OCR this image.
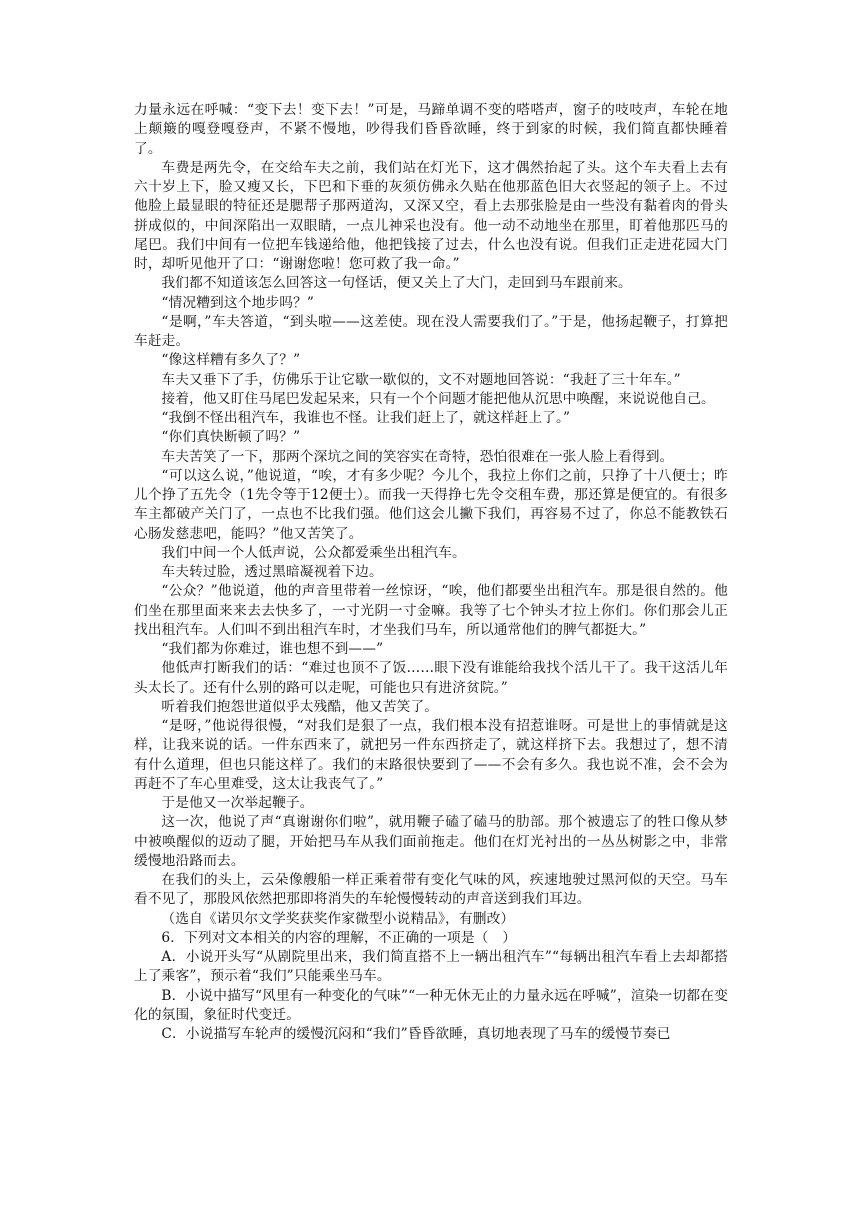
力量永远在呼喊：“变下去！变下去！”可是，马蹄单调不变的嗒嗒声，窗子的吱吱声，车轮在地上颠簸的嘎登嘎登声，不紧不慢地，吵得我们昏昏欲睡，终于到家的时候，我们简直都快睡着了。

车费是两先令，在交给车夫之前，我们站在灯光下，这才偶然抬起了头。这个车夫看上去有六十岁上下，脸又瘦又长，下巴和下垂的灰须仿佛永久贴在他那蓝色旧大衣竖起的领子上。不过他脸上最显眼的特征还是腮帮子那两道沟，又深又空，看上去那张脸是由一些没有黏着肉的骨头拼成似的，中间深陷出一双眼睛，一点儿神采也没有。他一动不动地坐在那里，盯着他那匹马的尾巴。我们中间有一位把车钱递给他，他把钱接了过去，什么也没有说。但我们正走进花园大门时，却听见他开了口：“谢谢您啦！您可救了我一命。”

我们都不知道该怎么回答这一句怪话，便又关上了大门，走回到马车跟前来。

“情况糟到这个地步吗？”

“是啊，”车夫答道，“到头啦——这差使。现在没人需要我们了。”于是，他扬起鞭子，打算把车赶走。

“像这样糟有多久了？”

车夫又垂下了手，仿佛乐于让它歇一歇似的，文不对题地回答说：“我赶了三十年车。”

接着，他又盯住马尾巴发起呆来，只有一个个问题才能把他从沉思中唤醒，来说说他自己。

“我倒不怪出租汽车，我谁也不怪。让我们赶上了，就这样赶上了。”

“你们真快断顿了吗？”

车夫苦笑了一下，那两个深坑之间的笑容实在奇特，恐怕很难在一张人脸上看得到。

“可以这么说，”他说道，“唉，才有多少呢？今儿个，我拉上你们之前，只挣了十八便士；昨儿个挣了五先令（1先令等于12便士）。而我一天得挣七先令交租车费，那还算是便宜的。有很多车主都破产关门了，一点也不比我们强。他们这会儿撇下我们，再容易不过了，你总不能教铁石心肠发慈悲吧，能吗？”他又苦笑了。

我们中间一个人低声说，公众都爱乘坐出租汽车。

车夫转过脸，透过黑暗凝视着下边。

“公众？”他说道，他的声音里带着一丝惊讶，“唉，他们都要坐出租汽车。那是很自然的。他们坐在那里面来来去去快多了，一寸光阴一寸金嘛。我等了七个钟头才拉上你们。你们那会儿正找出租汽车。人们叫不到出租汽车时，才坐我们马车，所以通常他们的脾气都挺大。”

“我们都为你难过，谁也想不到——”

他低声打断我们的话：“难过也顶不了饭……眼下没有谁能给我找个活儿干了。我干这活儿年头太长了。还有什么别的路可以走呢，可能也只有进济贫院。”

听着我们抱怨世道似乎太残酷，他又苦笑了。

“是呀，”他说得很慢，“对我们是狠了一点，我们根本没有招惹谁呀。可是世上的事情就是这样，让我来说的话。一件东西来了，就把另一件东西挤走了，就这样挤下去。我想过了，想不清有什么道理，但也只能这样了。我们的末路很快要到了——不会有多久。我也说不准，会不会为再赶不了车心里难受，这太让我丧气了。”

于是他又一次举起鞭子。

这一次，他说了声“真谢谢你们啦”，就用鞭子磕了磕马的肋部。那个被遗忘了的牲口像从梦中被唤醒似的迈动了腿，开始把马车从我们面前拖走。他们在灯光衬出的一丛丛树影之中，非常缓慢地沿路而去。

在我们的头上，云朵像艘船一样正乘着带有变化气味的风，疾速地驶过黑河似的天空。马车看不见了，那股风依然把那即将消失的车轮慢慢转动的声音送到我们耳边。

（选自《诺贝尔文学奖获奖作家微型小说精品》，有删改）

6．下列对文本相关的内容的理解，不正确的一项是（　）

A．小说开头写“从剧院里出来，我们简直搭不上一辆出租汽车”“每辆出租汽车看上去却都搭上了乘客”，预示着“我们”只能乘坐马车。

B．小说中描写“风里有一种变化的气味”“一种无休无止的力量永远在呼喊”，渲染一切都在变化的氛围，象征时代变迁。

C．小说描写车轮声的缓慢沉闷和“我们”昏昏欲睡，真切地表现了马车的缓慢节奏已
